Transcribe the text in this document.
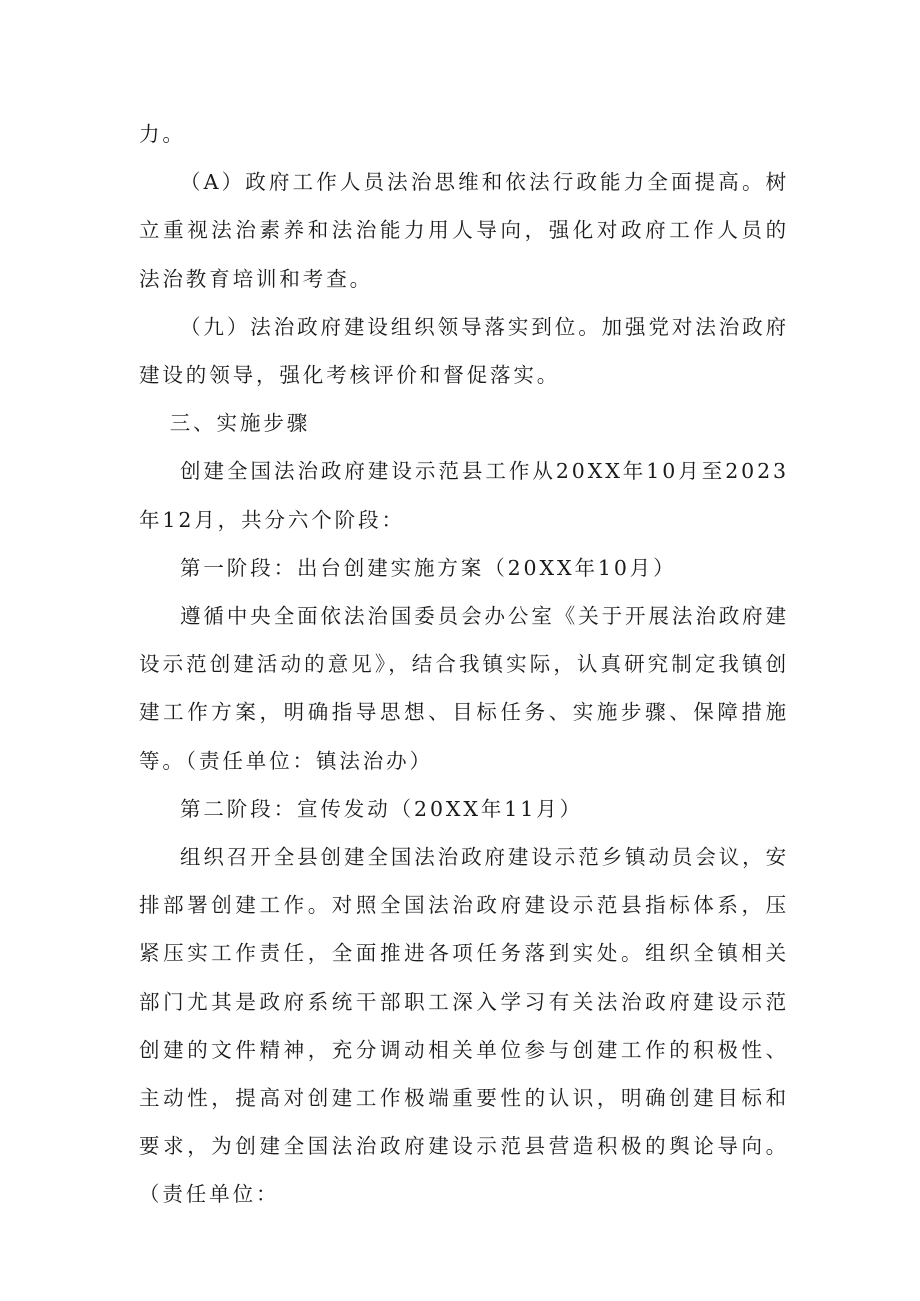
力。

（A）政府工作人员法治思维和依法行政能力全面提高。树立重视法治素养和法治能力用人导向，强化对政府工作人员的法治教育培训和考查。

（九）法治政府建设组织领导落实到位。加强党对法治政府建设的领导，强化考核评价和督促落实。

三、实施步骤

创建全国法治政府建设示范县工作从20XX年10月至2023年12月，共分六个阶段：

第一阶段：出台创建实施方案（20XX年10月）

遵循中央全面依法治国委员会办公室《关于开展法治政府建设示范创建活动的意见》，结合我镇实际，认真研究制定我镇创建工作方案，明确指导思想、目标任务、实施步骤、保障措施等。（责任单位：镇法治办）

第二阶段：宣传发动（20XX年11月）

组织召开全县创建全国法治政府建设示范乡镇动员会议，安排部署创建工作。对照全国法治政府建设示范县指标体系，压紧压实工作责任，全面推进各项任务落到实处。组织全镇相关部门尤其是政府系统干部职工深入学习有关法治政府建设示范创建的文件精神，充分调动相关单位参与创建工作的积极性、主动性，提高对创建工作极端重要性的认识，明确创建目标和要求，为创建全国法治政府建设示范县营造积极的舆论导向。（责任单位：
